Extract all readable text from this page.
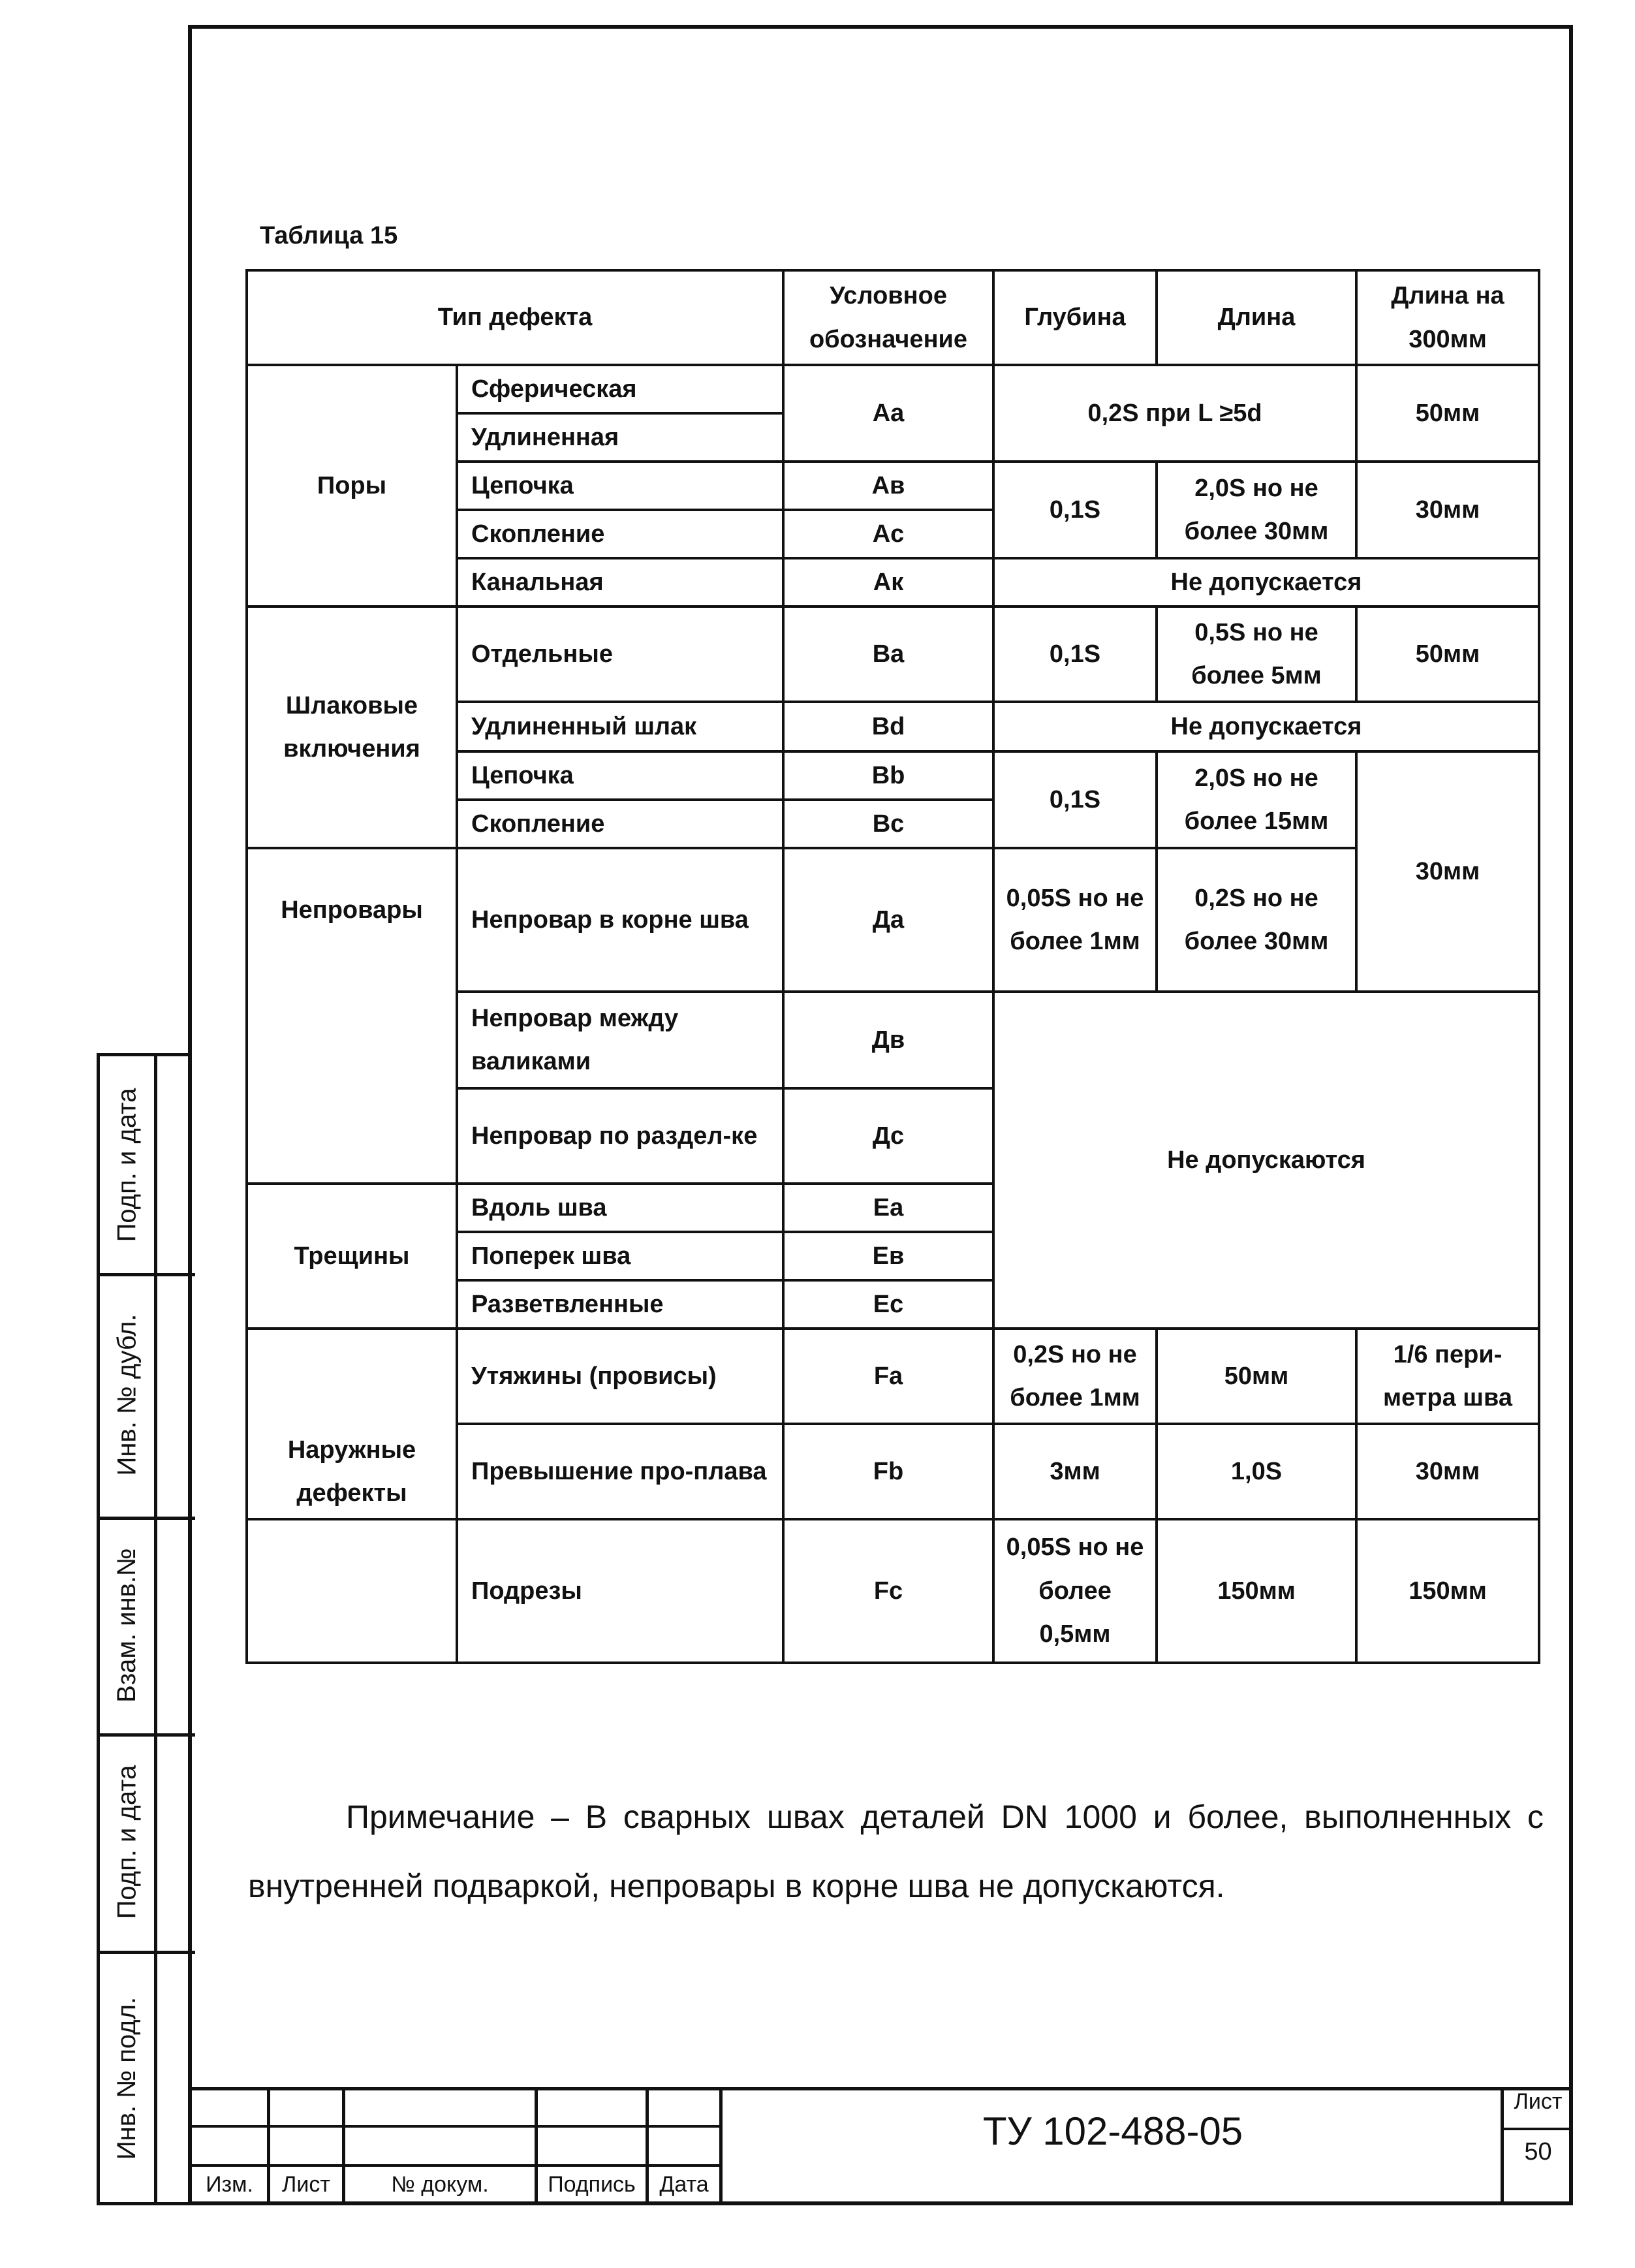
Таблица 15
Тип дефекта		Условное обозначение	Глубина	Длина	Длина на 300мм
Поры	Сферическая	Aa	0,2S при L ≥5d		50мм
	Удлиненная				
	Цепочка	Aв	0,1S	2,0S но не более 30мм	30мм
	Скопление	Ac			
	Канальная	Aк	Не допускается		
Шлаковые включения	Отдельные	Ba	0,1S	0,5S но не более 5мм	50мм
	Удлиненный шлак	Bd	Не допускается		
	Цепочка	Bb	0,1S	2,0S но не более 15мм	30мм
	Скопление	Bc			
Непровары	Непровар в корне шва	Да	0,05S но не более 1мм	0,2S но не более 30мм	
	Непровар между валиками	Дв	Не допускаются		
	Непровар по раздел-ке	Дс			
Трещины	Вдоль шва	Ea			
	Поперек шва	Eв			
	Разветвленные	Ec			
Наружные дефекты	Утяжины (провисы)	Fa	0,2S но не более 1мм	50мм	1/6 пери-метра шва
	Превышение про-плава	Fb	3мм	1,0S	30мм
	Подрезы	Fc	0,05S но не более 0,5мм	150мм	150мм
Примечание – В сварных швах деталей DN 1000 и более, выполненных с
внутренней подваркой, непровары в корне шва не допускаются.
Подп. и дата
Инв. № дубл.
Взам. инв.№
Подп. и дата
Инв. № подл.
Изм.	Лист	№ докум.	Подпись	Дата
ТУ 102-488-05
Лист
50
